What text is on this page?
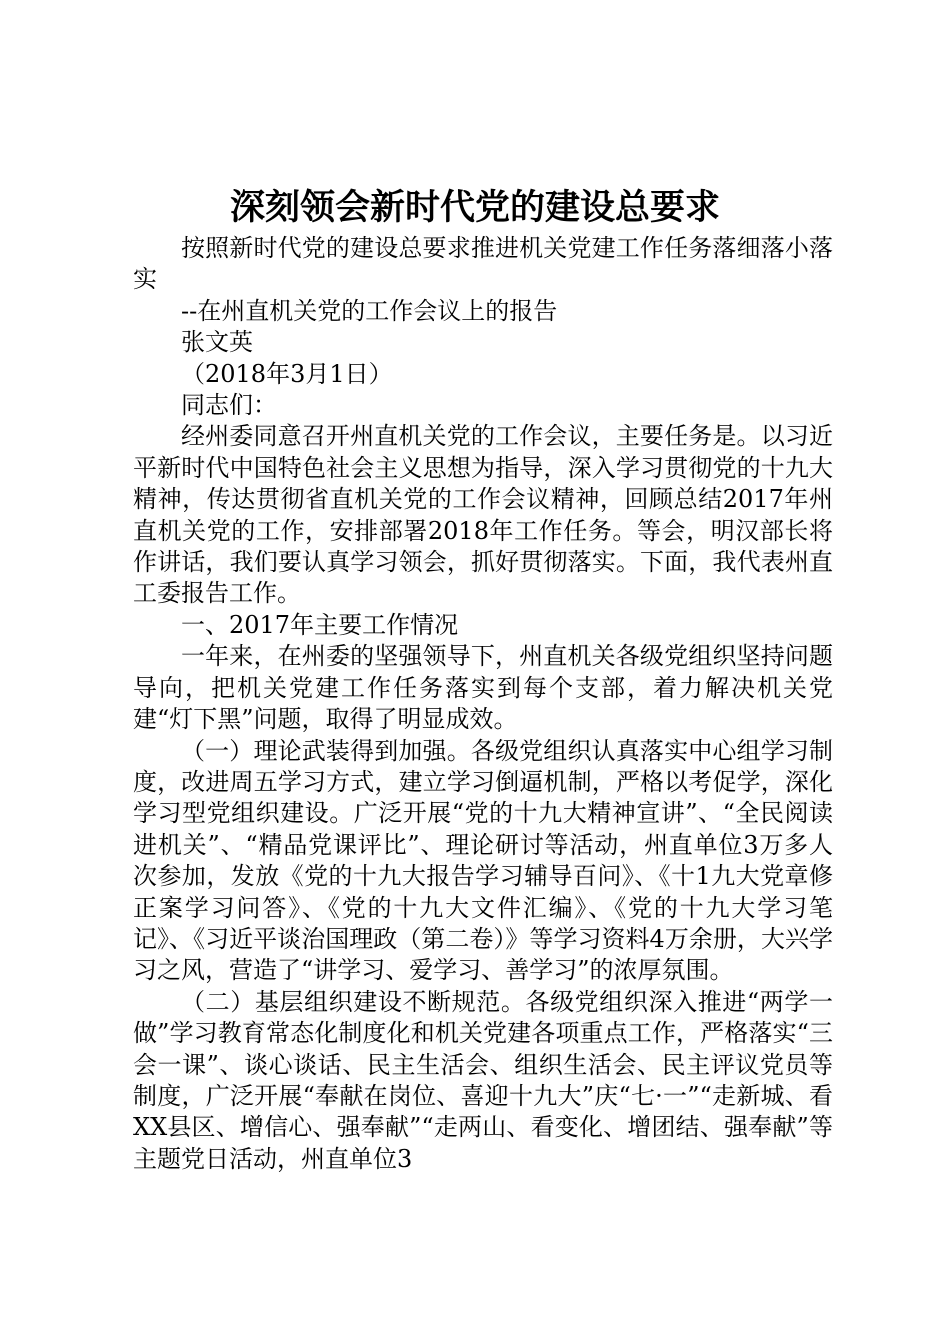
深刻领会新时代党的建设总要求

按照新时代党的建设总要求推进机关党建工作任务落细落小落实

--在州直机关党的工作会议上的报告

张文英

（2018年3月1日）

同志们：

经州委同意召开州直机关党的工作会议，主要任务是。以习近平新时代中国特色社会主义思想为指导，深入学习贯彻党的十九大精神，传达贯彻省直机关党的工作会议精神，回顾总结2017年州直机关党的工作，安排部署2018年工作任务。等会，明汉部长将作讲话，我们要认真学习领会，抓好贯彻落实。下面，我代表州直工委报告工作。

一、2017年主要工作情况

一年来，在州委的坚强领导下，州直机关各级党组织坚持问题导向，把机关党建工作任务落实到每个支部，着力解决机关党建“灯下黑”问题，取得了明显成效。

（一）理论武装得到加强。各级党组织认真落实中心组学习制度，改进周五学习方式，建立学习倒逼机制，严格以考促学，深化学习型党组织建设。广泛开展“党的十九大精神宣讲”、“全民阅读进机关”、“精品党课评比”、理论研讨等活动，州直单位3万多人次参加，发放《党的十九大报告学习辅导百问》、《十1九大党章修正案学习问答》、《党的十九大文件汇编》、《党的十九大学习笔记》、《习近平谈治国理政（第二卷）》等学习资料4万余册，大兴学习之风，营造了“讲学习、爱学习、善学习”的浓厚氛围。

（二）基层组织建设不断规范。各级党组织深入推进“两学一做”学习教育常态化制度化和机关党建各项重点工作，严格落实“三会一课”、谈心谈话、民主生活会、组织生活会、民主评议党员等制度，广泛开展“奉献在岗位、喜迎十九大”庆“七·一”“走新城、看XX县区、增信心、强奉献”“走两山、看变化、增团结、强奉献”等主题党日活动，州直单位3
